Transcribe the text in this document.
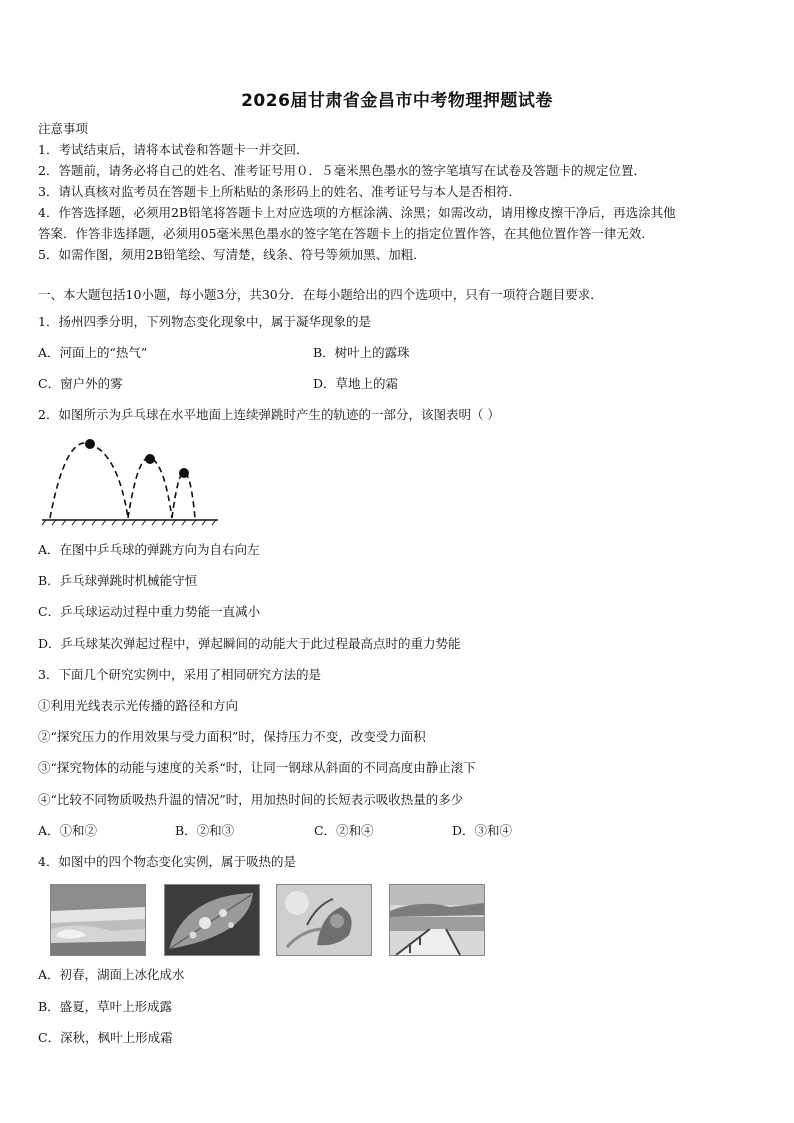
2026届甘肃省金昌市中考物理押题试卷
注意事项
1．考试结束后，请将本试卷和答题卡一并交回．
2．答题前，请务必将自己的姓名、准考证号用０．５毫米黑色墨水的签字笔填写在试卷及答题卡的规定位置．
3．请认真核对监考员在答题卡上所粘贴的条形码上的姓名、准考证号与本人是否相符．
4．作答选择题，必须用2B铅笔将答题卡上对应选项的方框涂满、涂黑；如需改动，请用橡皮擦干净后，再选涂其他
答案．作答非选择题，必须用05毫米黑色墨水的签字笔在答题卡上的指定位置作答，在其他位置作答一律无效．
5．如需作图，须用2B铅笔绘、写清楚，线条、符号等须加黑、加粗．
一、本大题包括10小题，每小题3分，共30分．在每小题给出的四个选项中，只有一项符合题目要求．
1．扬州四季分明，下列物态变化现象中，属于凝华现象的是
A．河面上的“热气”	B．树叶上的露珠
C．窗户外的雾	D．草地上的霜
2．如图所示为乒乓球在水平地面上连续弹跳时产生的轨迹的一部分，该图表明（ ）
A．在图中乒乓球的弹跳方向为自右向左
B．乒乓球弹跳时机械能守恒
C．乒乓球运动过程中重力势能一直减小
D．乒乓球某次弹起过程中，弹起瞬间的动能大于此过程最高点时的重力势能
3．下面几个研究实例中，采用了相同研究方法的是
①利用光线表示光传播的路径和方向
②“探究压力的作用效果与受力面积”时，保持压力不变，改变受力面积
③“探究物体的动能与速度的关系“时，让同一钢球从斜面的不同高度由静止滚下
④“比较不同物质吸热升温的情况”时，用加热时间的长短表示吸收热量的多少
A．①和②	B．②和③	C．②和④	D．③和④
4．如图中的四个物态变化实例，属于吸热的是
A．初春，湖面上冰化成水
B．盛夏，草叶上形成露
C．深秋，枫叶上形成霜
